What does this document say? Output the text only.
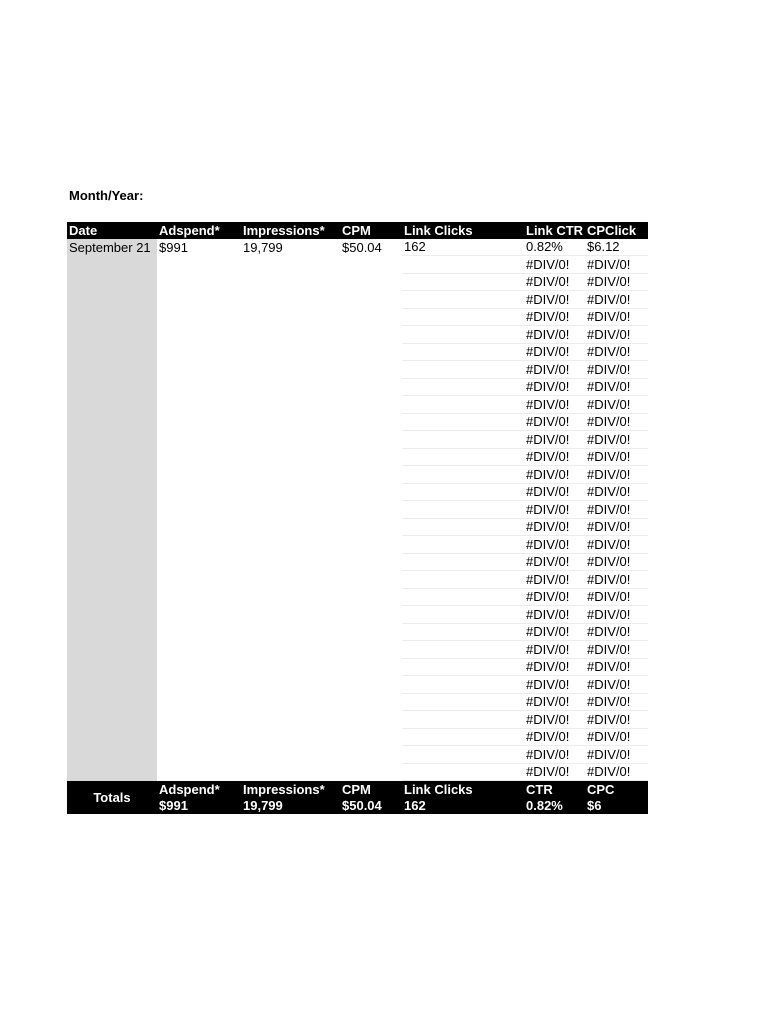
Month/Year:
Date	Adspend*	Impressions*	CPM	Link Clicks	Link CTR	CPClick
September 21	$991	19,799	$50.04	162	0.82%	$6.12
					#DIV/0!	#DIV/0!
					#DIV/0!	#DIV/0!
					#DIV/0!	#DIV/0!
					#DIV/0!	#DIV/0!
					#DIV/0!	#DIV/0!
					#DIV/0!	#DIV/0!
					#DIV/0!	#DIV/0!
					#DIV/0!	#DIV/0!
					#DIV/0!	#DIV/0!
					#DIV/0!	#DIV/0!
					#DIV/0!	#DIV/0!
					#DIV/0!	#DIV/0!
					#DIV/0!	#DIV/0!
					#DIV/0!	#DIV/0!
					#DIV/0!	#DIV/0!
					#DIV/0!	#DIV/0!
					#DIV/0!	#DIV/0!
					#DIV/0!	#DIV/0!
					#DIV/0!	#DIV/0!
					#DIV/0!	#DIV/0!
					#DIV/0!	#DIV/0!
					#DIV/0!	#DIV/0!
					#DIV/0!	#DIV/0!
					#DIV/0!	#DIV/0!
					#DIV/0!	#DIV/0!
					#DIV/0!	#DIV/0!
					#DIV/0!	#DIV/0!
					#DIV/0!	#DIV/0!
					#DIV/0!	#DIV/0!
					#DIV/0!	#DIV/0!
Totals	Adspend*	Impressions*	CPM	Link Clicks	CTR	CPC
	$991	19,799	$50.04	162	0.82%	$6
